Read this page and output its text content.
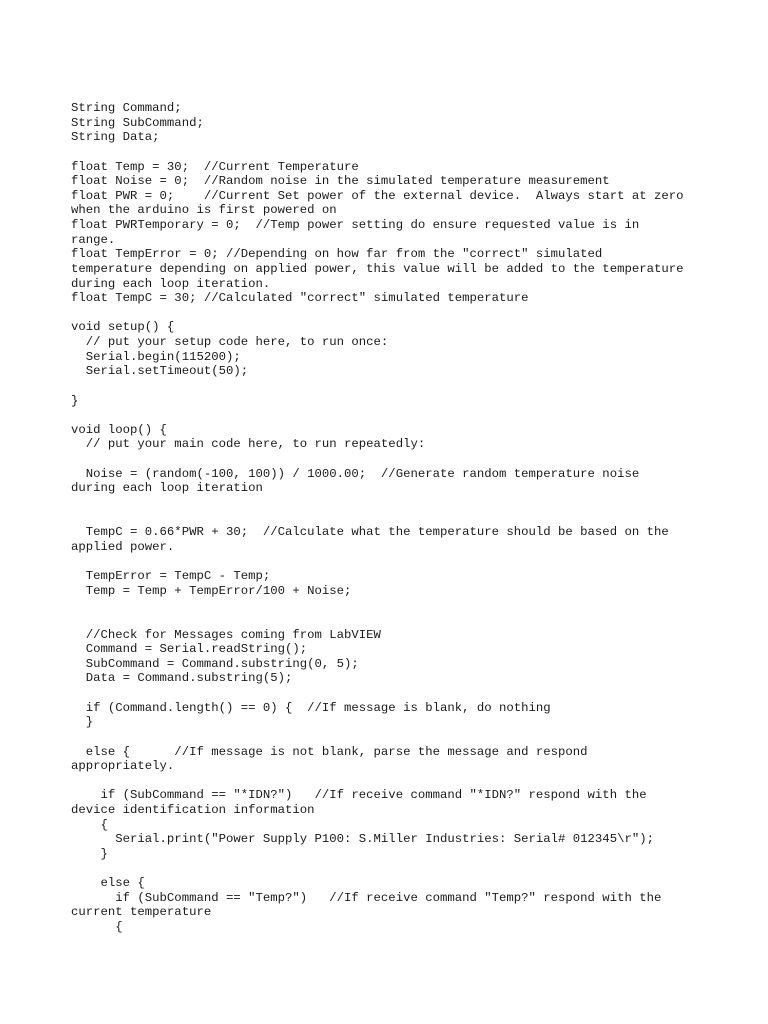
String Command;
String SubCommand;
String Data;
float Temp = 30;  //Current Temperature
float Noise = 0;  //Random noise in the simulated temperature measurement
float PWR = 0;    //Current Set power of the external device.  Always start at zero
when the arduino is first powered on
float PWRTemporary = 0;  //Temp power setting do ensure requested value is in
range.
float TempError = 0; //Depending on how far from the "correct" simulated
temperature depending on applied power, this value will be added to the temperature
during each loop iteration.
float TempC = 30; //Calculated "correct" simulated temperature
void setup() {
// put your setup code here, to run once:
Serial.begin(115200);
Serial.setTimeout(50);
}
void loop() {
// put your main code here, to run repeatedly:
Noise = (random(-100, 100)) / 1000.00;  //Generate random temperature noise
during each loop iteration
TempC = 0.66*PWR + 30;  //Calculate what the temperature should be based on the
applied power.
TempError = TempC - Temp;
Temp = Temp + TempError/100 + Noise;
//Check for Messages coming from LabVIEW
Command = Serial.readString();
SubCommand = Command.substring(0, 5);
Data = Command.substring(5);
if (Command.length() == 0) {  //If message is blank, do nothing
}
else {      //If message is not blank, parse the message and respond
appropriately.
if (SubCommand == "*IDN?")   //If receive command "*IDN?" respond with the
device identification information
{
Serial.print("Power Supply P100: S.Miller Industries: Serial# 012345\r");
}
else {
if (SubCommand == "Temp?")   //If receive command "Temp?" respond with the
current temperature
{
